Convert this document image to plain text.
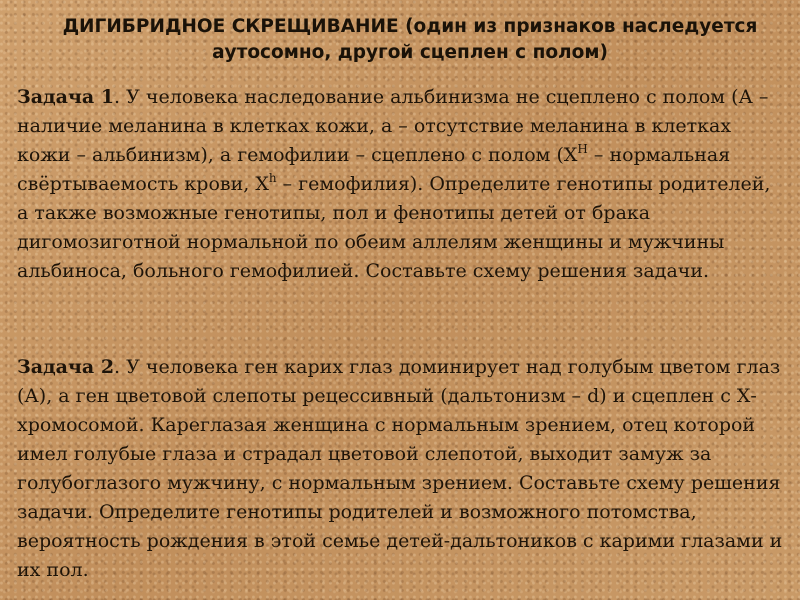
ДИГИБРИДНОЕ СКРЕЩИВАНИЕ (один из признаков наследуется
аутосомно, другой сцеплен с полом)

Задача 1. У человека наследование альбинизма не сцеплено с полом (А – наличие меланина в клетках кожи, а – отсутствие меланина в клетках кожи – альбинизм), а гемофилии – сцеплено с полом ($Х^Н$ – нормальная свёртываемость крови, $Х^h$ – гемофилия). Определите генотипы родителей, а также возможные генотипы, пол и фенотипы детей от брака дигомозиготной нормальной по обеим аллелям женщины и мужчины альбиноса, больного гемофилией. Составьте схему решения задачи.

Задача 2. У человека ген карих глаз доминирует над голубым цветом глаз (А), а ген цветовой слепоты рецессивный (дальтонизм – d) и сцеплен с Х-хромосомой. Кареглазая женщина с нормальным зрением, отец которой имел голубые глаза и страдал цветовой слепотой, выходит замуж за голубоглазого мужчину, с нормальным зрением. Составьте схему решения задачи. Определите генотипы родителей и возможного потомства, вероятность рождения в этой семье детей-дальтоников с карими глазами и их пол.
